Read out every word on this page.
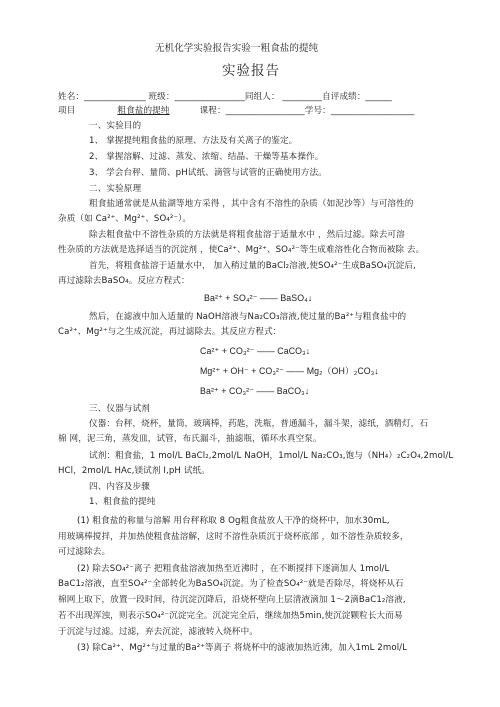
无机化学实验报告实验一粗食盐的提纯
实验报告
姓名：______________ 班级：________________同组人： _________自评成绩：______
项目	粗食盐的提纯	课程：__________________学号：___________________
一、实验目的
1、 掌握提纯粗食盐的原理、方法及有关离子的鉴定。
2、 掌握溶解、过滤、蒸发、浓缩、结晶、干燥等基本操作。
3、 学会台秤、量筒、pH试纸、滴管与试管的正确使用方法。
二、实验原理
粗食盐通常就是从盐湖等地方采得 ，其中含有不溶性的杂质（如泥沙等）与可溶性的
杂质（如 Ca²⁺、Mg²⁺、SO₄²⁻）。
除去粗食盐中不溶性杂质的方法就是将粗食盐溶于适量水中 ，然后过滤。除去可溶
性杂质的方法就是选择适当的沉淀剂 ，使Ca²⁺、Mg²⁺、SO₄²⁻等生成难溶性化合物而被除 去。
首先，将粗食盐溶于适量水中， 加入稍过量的BaCl₂溶液,使SO₄²⁻生成BaSO₄沉淀后,
再过滤除去BaSO₄。反应方程式：
Ba²⁺ + SO₄²⁻ —— BaSO₄↓
然后，在滤液中加入适量的 NaOH溶液与Na₂CO₃溶液,使过量的Ba²⁺与粗食盐中的
Ca²⁺、Mg²⁺与之生成沉淀，再过滤除去。其反应方程式：
Ca²⁺ + CO₃²⁻ —— CaCO₃↓
Mg²⁺ + OH⁻ + CO₃²⁻ —— Mg₂（OH）₂CO₃↓
Ba²⁺ + CO₃²⁻ —— BaCO₃↓
三、仪器与试剂
仪器：台秤，烧杯，量筒，玻璃棒，药匙，洗瓶，普通漏斗，漏斗架，滤纸，酒精灯，石
棉 网，泥三角，蒸发皿，试管，布氏漏斗，抽滤瓶，循环水真空泵。
试剂：粗食盐，1 mol/L BaCl₂,2mol/L NaOH，1mol/L Na₂CO₃,饱与（NH₄）₂C₂O₄,2mol/L
HCl，2mol/L HAc,镁试剂 I,pH 试纸。
四、内容及步骤
1、粗食盐的提纯
(1) 粗食盐的称量与溶解 用台秤称取 8 Og粗食盐放人干净的烧杯中，加水30mL,
用玻璃棒搅拌，并加热使粗食盐溶解，这时不溶性杂质沉于烧杯底部 ，如不溶性杂质较多，
可过滤除去。
(2) 除去SO₄²⁻离子 把粗食盐溶液加热至近沸时 ，在不断搅拌下逐滴加人 1mol/L
BaC1₂溶液，直至SO₄²⁻全部转化为BaSO₄沉淀。为了检查SO₄²⁻就是否除尽，将烧杯从石
棉网上取下，放置一段时间，待沉淀沉降后，沿烧杯壁向上层清液滴加 1～2滴BaC1₂溶液,
若不出现浑浊，则表示SO₄²⁻沉淀完全。沉淀完全后，继续加热5min,使沉淀颗粒长大而易
于沉淀与过滤。过滤，弃去沉淀，滤液转入烧杯中。
(3) 除Ca²⁺、Mg²⁺与过量的Ba²⁺等离子 将烧杯中的滤液加热近沸，加入1mL 2mol/L
